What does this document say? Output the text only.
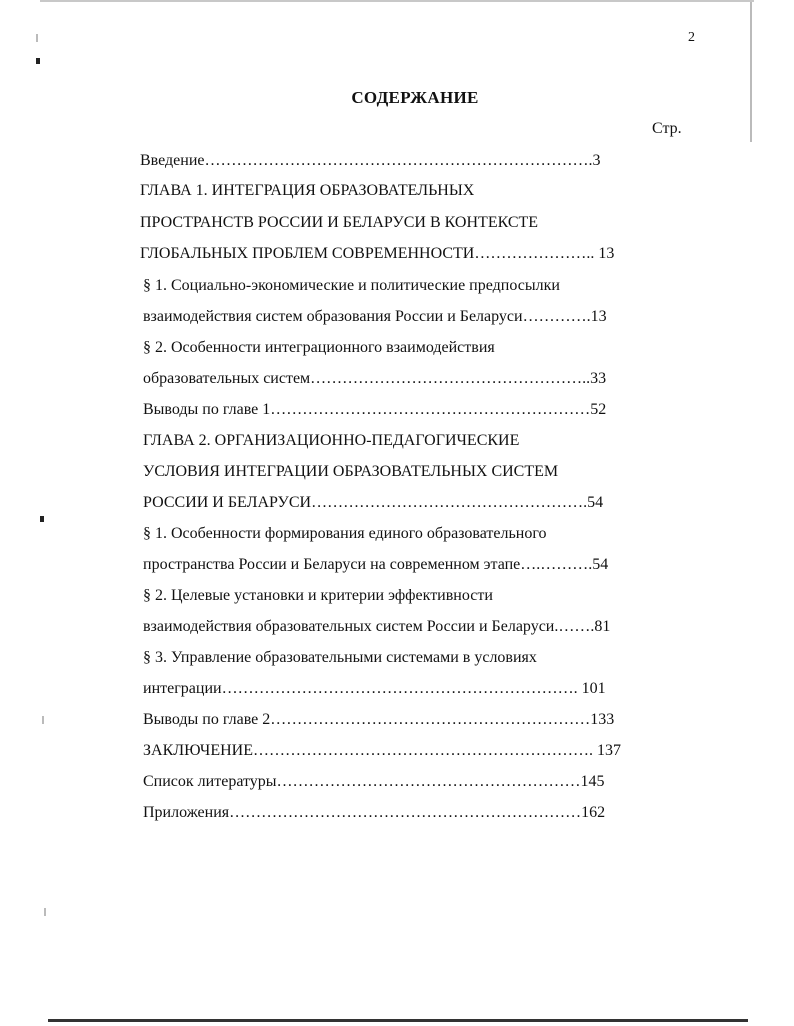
2
СОДЕРЖАНИЕ
Стр.
Введение……………………………………………………………….3
ГЛАВА 1. ИНТЕГРАЦИЯ ОБРАЗОВАТЕЛЬНЫХ
ПРОСТРАНСТВ РОССИИ И БЕЛАРУСИ В КОНТЕКСТЕ
ГЛОБАЛЬНЫХ ПРОБЛЕМ СОВРЕМЕННОСТИ………………….. 13
§ 1. Социально-экономические и политические предпосылки
взаимодействия систем образования России и Беларуси………….13
§ 2. Особенности интеграционного взаимодействия
образовательных систем……………………………………………..33
Выводы по главе 1……………………………………………………52
ГЛАВА 2. ОРГАНИЗАЦИОННО-ПЕДАГОГИЧЕСКИЕ
УСЛОВИЯ ИНТЕГРАЦИИ ОБРАЗОВАТЕЛЬНЫХ СИСТЕМ
РОССИИ И БЕЛАРУСИ…………………………………………….54
§ 1. Особенности формирования единого образовательного
пространства России и Беларуси на современном этапе….……….54
§ 2. Целевые установки и критерии эффективности
взаимодействия образовательных систем России и Беларуси.…….81
§ 3. Управление образовательными системами в условиях
интеграции…………………………………………………………. 101
Выводы по главе 2……………………………………………………133
ЗАКЛЮЧЕНИЕ………………………………………………………. 137
Список литературы…………………………………………………145
Приложения…………………………………………………………162
